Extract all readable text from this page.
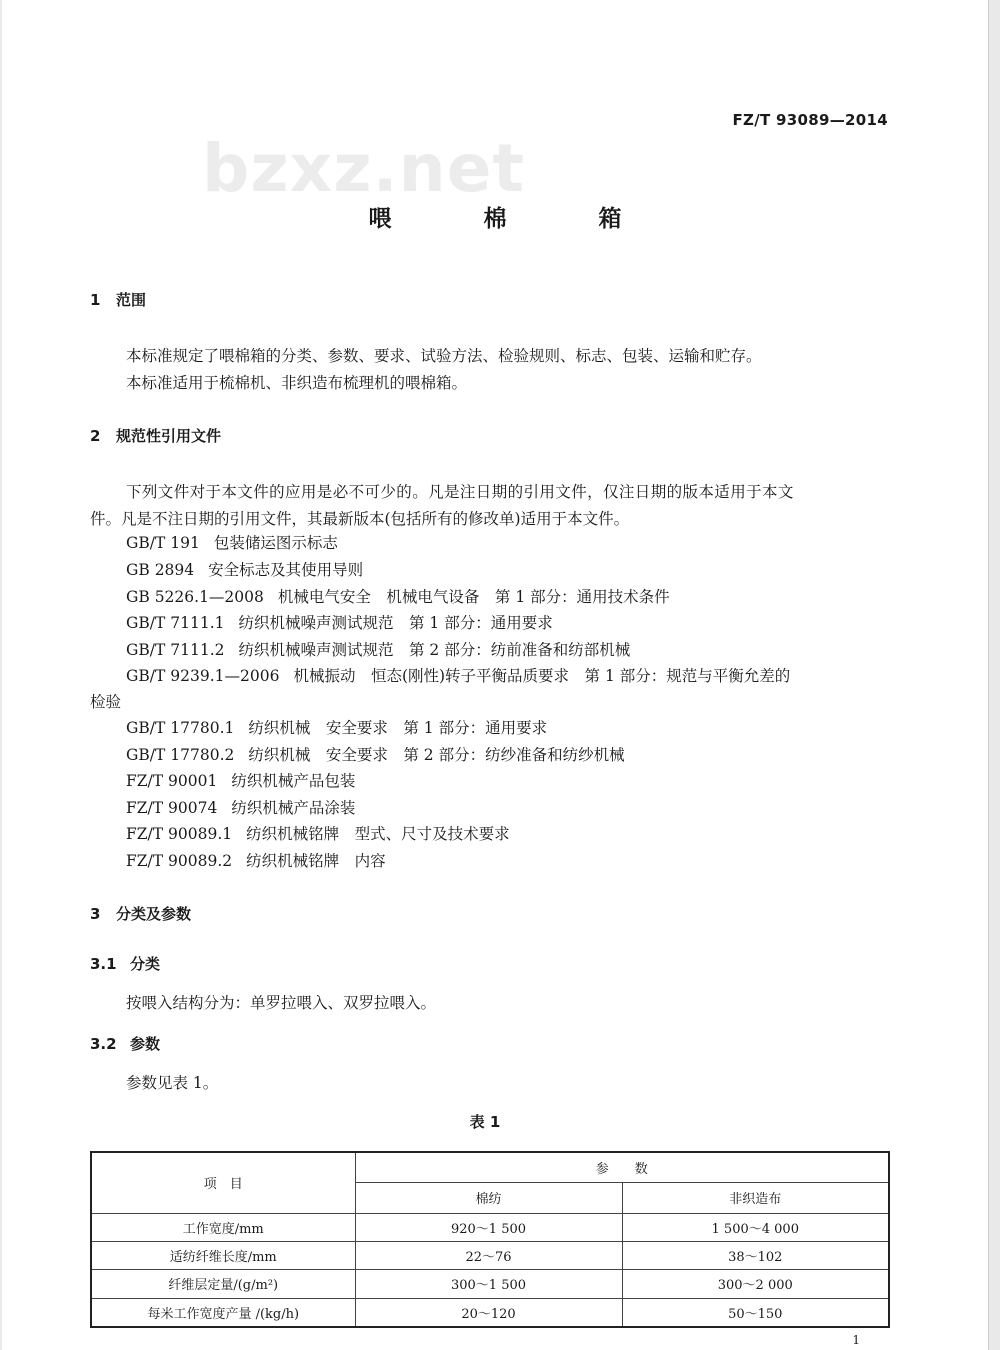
FZ/T 93089—2014
bzxz.net
喂 棉 箱
1 范围
本标准规定了喂棉箱的分类、参数、要求、试验方法、检验规则、标志、包装、运输和贮存。
本标准适用于梳棉机、非织造布梳理机的喂棉箱。
2 规范性引用文件
下列文件对于本文件的应用是必不可少的。凡是注日期的引用文件，仅注日期的版本适用于本文
件。凡是不注日期的引用文件，其最新版本(包括所有的修改单)适用于本文件。
GB/T 191 包装储运图示标志
GB 2894 安全标志及其使用导则
GB 5226.1—2008 机械电气安全　机械电气设备　第 1 部分：通用技术条件
GB/T 7111.1 纺织机械噪声测试规范　第 1 部分：通用要求
GB/T 7111.2 纺织机械噪声测试规范　第 2 部分：纺前准备和纺部机械
GB/T 9239.1—2006 机械振动　恒态(刚性)转子平衡品质要求　第 1 部分：规范与平衡允差的
检验
GB/T 17780.1 纺织机械　安全要求　第 1 部分：通用要求
GB/T 17780.2 纺织机械　安全要求　第 2 部分：纺纱准备和纺纱机械
FZ/T 90001 纺织机械产品包装
FZ/T 90074 纺织机械产品涂装
FZ/T 90089.1 纺织机械铭牌　型式、尺寸及技术要求
FZ/T 90089.2 纺织机械铭牌　内容
3 分类及参数
3.1 分类
按喂入结构分为：单罗拉喂入、双罗拉喂入。
3.2 参数
参数见表 1。
表 1
项　目	参　　数	
	棉纺	非织造布
工作宽度/mm	920～1 500	1 500～4 000
适纺纤维长度/mm	22～76	38～102
纤维层定量/(g/m²)	300～1 500	300～2 000
每米工作宽度产量 /(kg/h)	20～120	50～150
1
